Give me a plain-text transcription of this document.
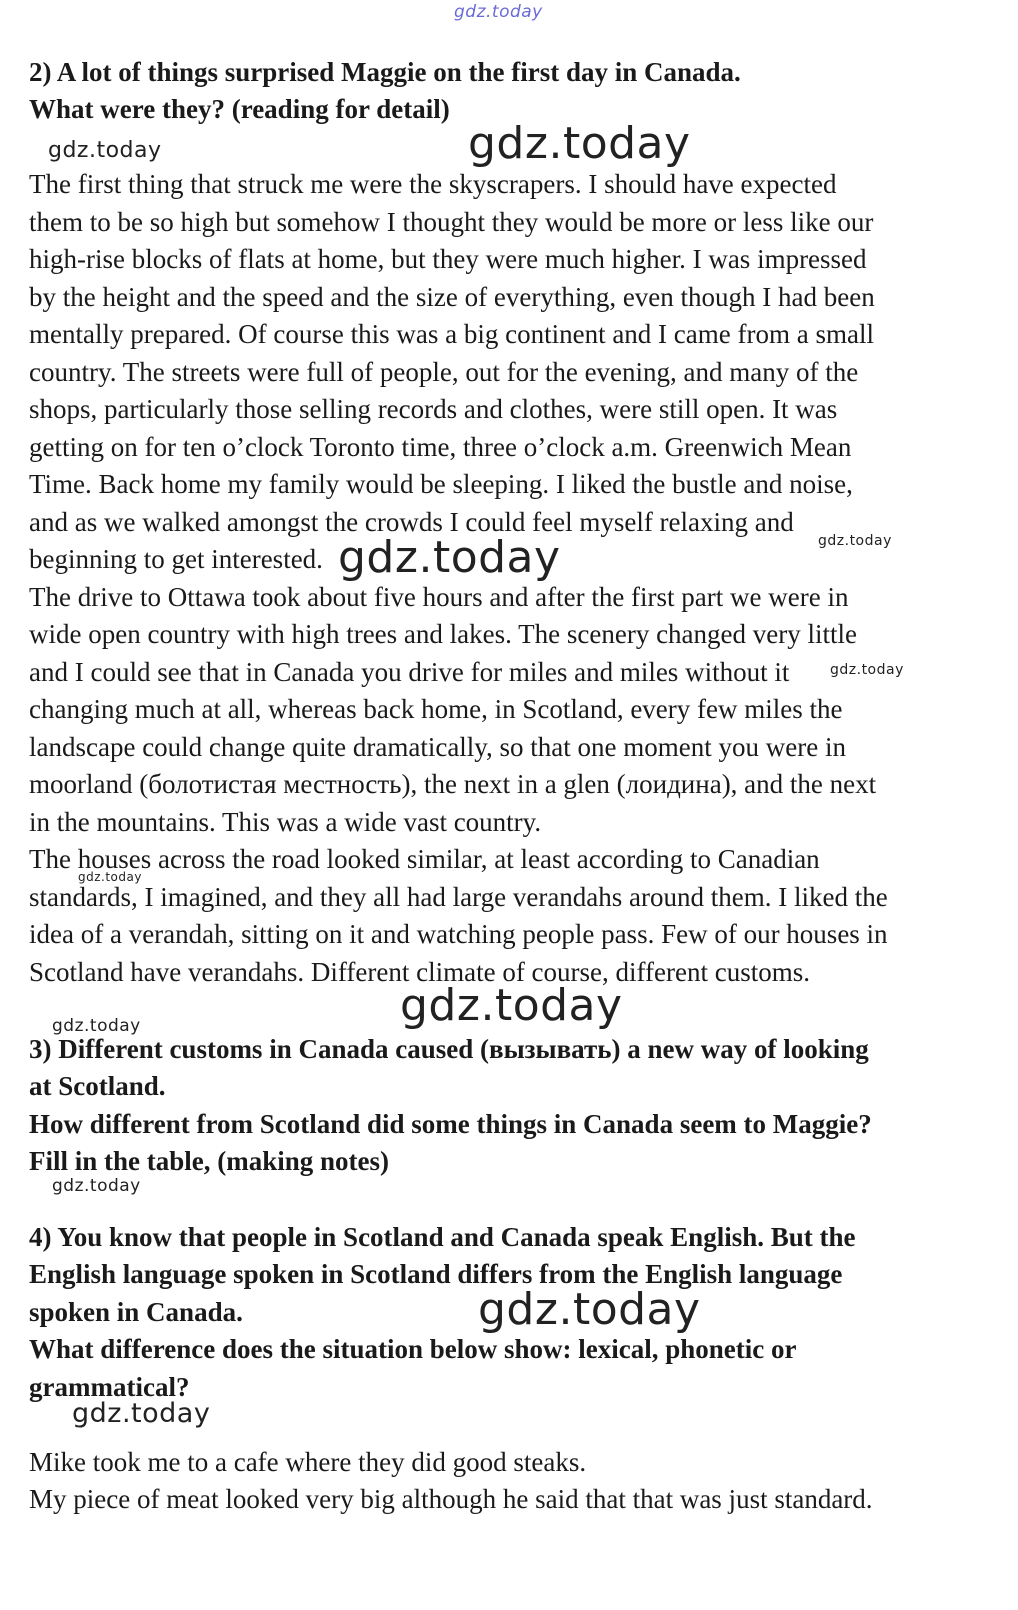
gdz.today
2) A lot of things surprised Maggie on the first day in Canada.
What were they? (reading for detail)
The first thing that struck me were the skyscrapers. I should have expected
them to be so high but somehow I thought they would be more or less like our
high-rise blocks of flats at home, but they were much higher. I was impressed
by the height and the speed and the size of everything, even though I had been
mentally prepared. Of course this was a big continent and I came from a small
country. The streets were full of people, out for the evening, and many of the
shops, particularly those selling records and clothes, were still open. It was
getting on for ten o’clock Toronto time, three o’clock a.m. Greenwich Mean
Time. Back home my family would be sleeping. I liked the bustle and noise,
and as we walked amongst the crowds I could feel myself relaxing and
beginning to get interested.
The drive to Ottawa took about five hours and after the first part we were in
wide open country with high trees and lakes. The scenery changed very little
and I could see that in Canada you drive for miles and miles without it
changing much at all, whereas back home, in Scotland, every few miles the
landscape could change quite dramatically, so that one moment you were in
moorland (болотистая местность), the next in a glen (лоидина), and the next
in the mountains. This was a wide vast country.
The houses across the road looked similar, at least according to Canadian
standards, I imagined, and they all had large verandahs around them. I liked the
idea of a verandah, sitting on it and watching people pass. Few of our houses in
Scotland have verandahs. Different climate of course, different customs.
3) Different customs in Canada caused (вызывать) a new way of looking
at Scotland.
How different from Scotland did some things in Canada seem to Maggie?
Fill in the table, (making notes)
4) You know that people in Scotland and Canada speak English. But the
English language spoken in Scotland differs from the English language
spoken in Canada.
What difference does the situation below show: lexical, phonetic or
grammatical?
Mike took me to a cafe where they did good steaks.
My piece of meat looked very big although he said that that was just standard.
gdz.today	gdz.today
gdz.today	gdz.today
gdz.today
gdz.today
gdz.today
gdz.today
gdz.today
gdz.today
gdz.today
